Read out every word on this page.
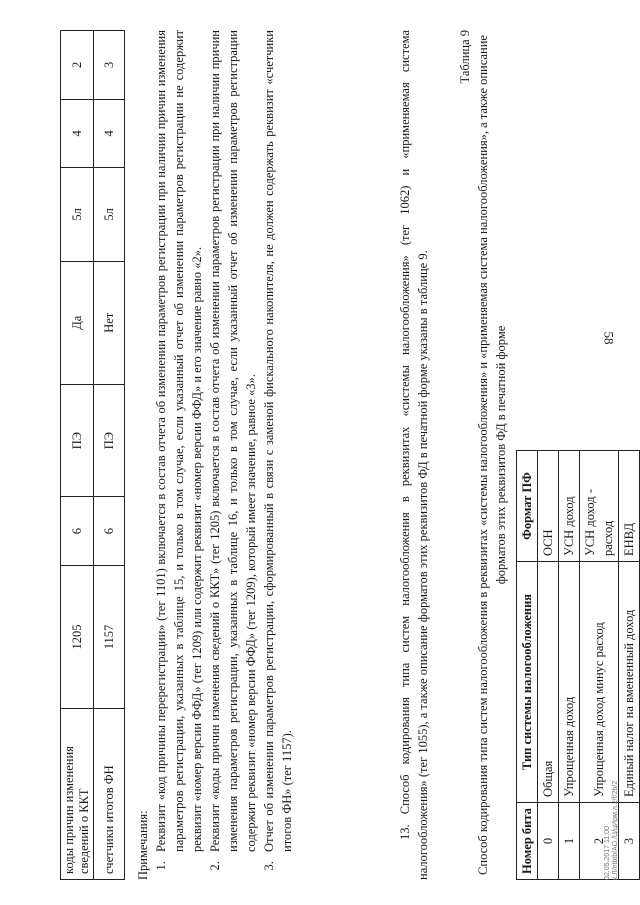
58
коды причин изменения сведений о ККТ	1205	6	ПЭ	Да	5л	4	2
счетчики итогов ФН	1157	6	ПЭ	Нет	5л	4	3

Примечания: 1. Реквизит «код причины перерегистрации» (тег 1101) включается в состав отчета об изменении параметров регистрации при наличии причин изменения параметров регистрации, указанных в таблице 15, и только в том случае, если указанный отчет об изменении параметров регистрации не содержит реквизит «номер версии ФФД» (тег 1209) или содержит реквизит «номер версии ФФД» и его значение равно «2». 2. Реквизит «коды причин изменения сведений о ККТ» (тег 1205) включается в состав отчета об изменении параметров регистрации при наличии причин изменения параметров регистрации, указанных в таблице 16, и только в том случае, если указанный отчет об изменении параметров регистрации содержит реквизит «номер версии ФФД» (тег 1209), который имеет значение, равное «3». 3. Отчет об изменении параметров регистрации, сформированный в связи с заменой фискального накопителя, не должен содержать реквизит «счетчики итогов ФН» (тег 1157).	13. Способ кодирования типа систем налогообложения в реквизитах «системы налогообложения» (тег 1062) и «применяемая система налогообложения» (тег 1055), а также описание форматов этих реквизитов ФД в печатной форме указаны в таблице 9.

Таблица 9 Способ кодирования типа систем налогообложения в реквизитах «системы налогообложения» и «применяемая система налогообложения», а также описание форматов этих реквизитов ФД в печатной форме

Номер бита	Тип системы налогообложения	Формат ПФ
0	Общая	ОСН
1	Упрощенная доход	УСН доход
2	Упрощенная доход минус расход	УСН доход - расход
3	Единый налог на вмененный доход	ЕНВД
02.05.2017 11:00 к.Л/ntbtb/АО./Ц/цИрм.л.2/f/2b/2
